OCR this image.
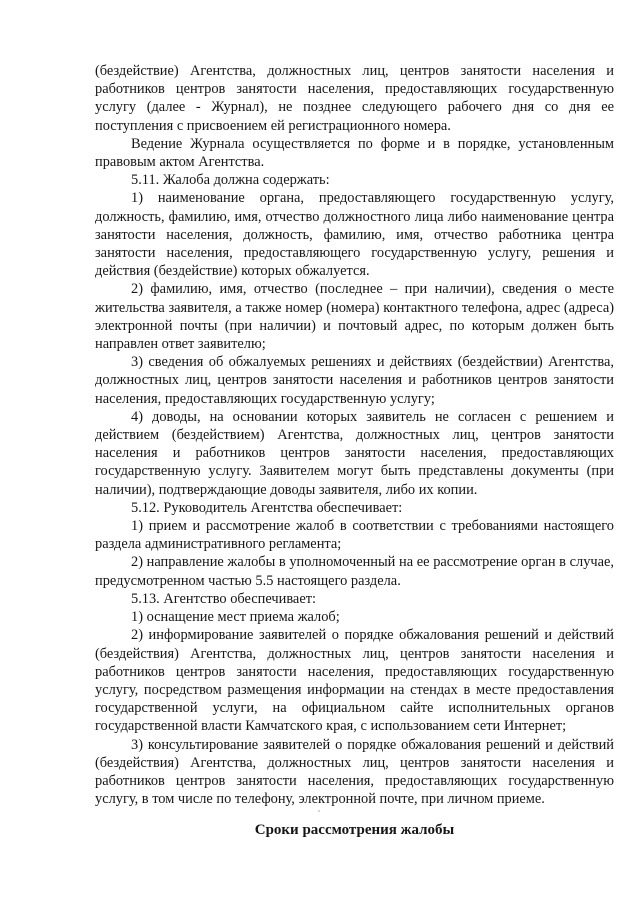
(бездействие) Агентства, должностных лиц, центров занятости населения и работников центров занятости населения, предоставляющих государственную услугу (далее - Журнал), не позднее следующего рабочего дня со дня ее поступления с присвоением ей регистрационного номера.

Ведение Журнала осуществляется по форме и в порядке, установленным правовым актом Агентства.

5.11. Жалоба должна содержать:

1) наименование органа, предоставляющего государственную услугу, должность, фамилию, имя, отчество должностного лица либо наименование центра занятости населения, должность, фамилию, имя, отчество работника центра занятости населения, предоставляющего государственную услугу, решения и действия (бездействие) которых обжалуется.

2) фамилию, имя, отчество (последнее – при наличии), сведения о месте жительства заявителя, а также номер (номера) контактного телефона, адрес (адреса) электронной почты (при наличии) и почтовый адрес, по которым должен быть направлен ответ заявителю;

3) сведения об обжалуемых решениях и действиях (бездействии) Агентства, должностных лиц, центров занятости населения и работников центров занятости населения, предоставляющих государственную услугу;

4) доводы, на основании которых заявитель не согласен с решением и действием (бездействием) Агентства, должностных лиц, центров занятости населения и работников центров занятости населения, предоставляющих государственную услугу. Заявителем могут быть представлены документы (при наличии), подтверждающие доводы заявителя, либо их копии.

5.12. Руководитель Агентства обеспечивает:

1) прием и рассмотрение жалоб в соответствии с требованиями настоящего раздела административного регламента;

2) направление жалобы в уполномоченный на ее рассмотрение орган в случае, предусмотренном частью 5.5 настоящего раздела.

5.13. Агентство обеспечивает:

1) оснащение мест приема жалоб;

2) информирование заявителей о порядке обжалования решений и действий (бездействия) Агентства, должностных лиц, центров занятости населения и работников центров занятости населения, предоставляющих государственную услугу, посредством размещения информации на стендах в месте предоставления государственной услуги, на официальном сайте исполнительных органов государственной власти Камчатского края, с использованием сети Интернет;

3) консультирование заявителей о порядке обжалования решений и действий (бездействия) Агентства, должностных лиц, центров занятости населения и работников центров занятости населения, предоставляющих государственную услугу, в том числе по телефону, электронной почте, при личном приеме.

Сроки рассмотрения жалобы
